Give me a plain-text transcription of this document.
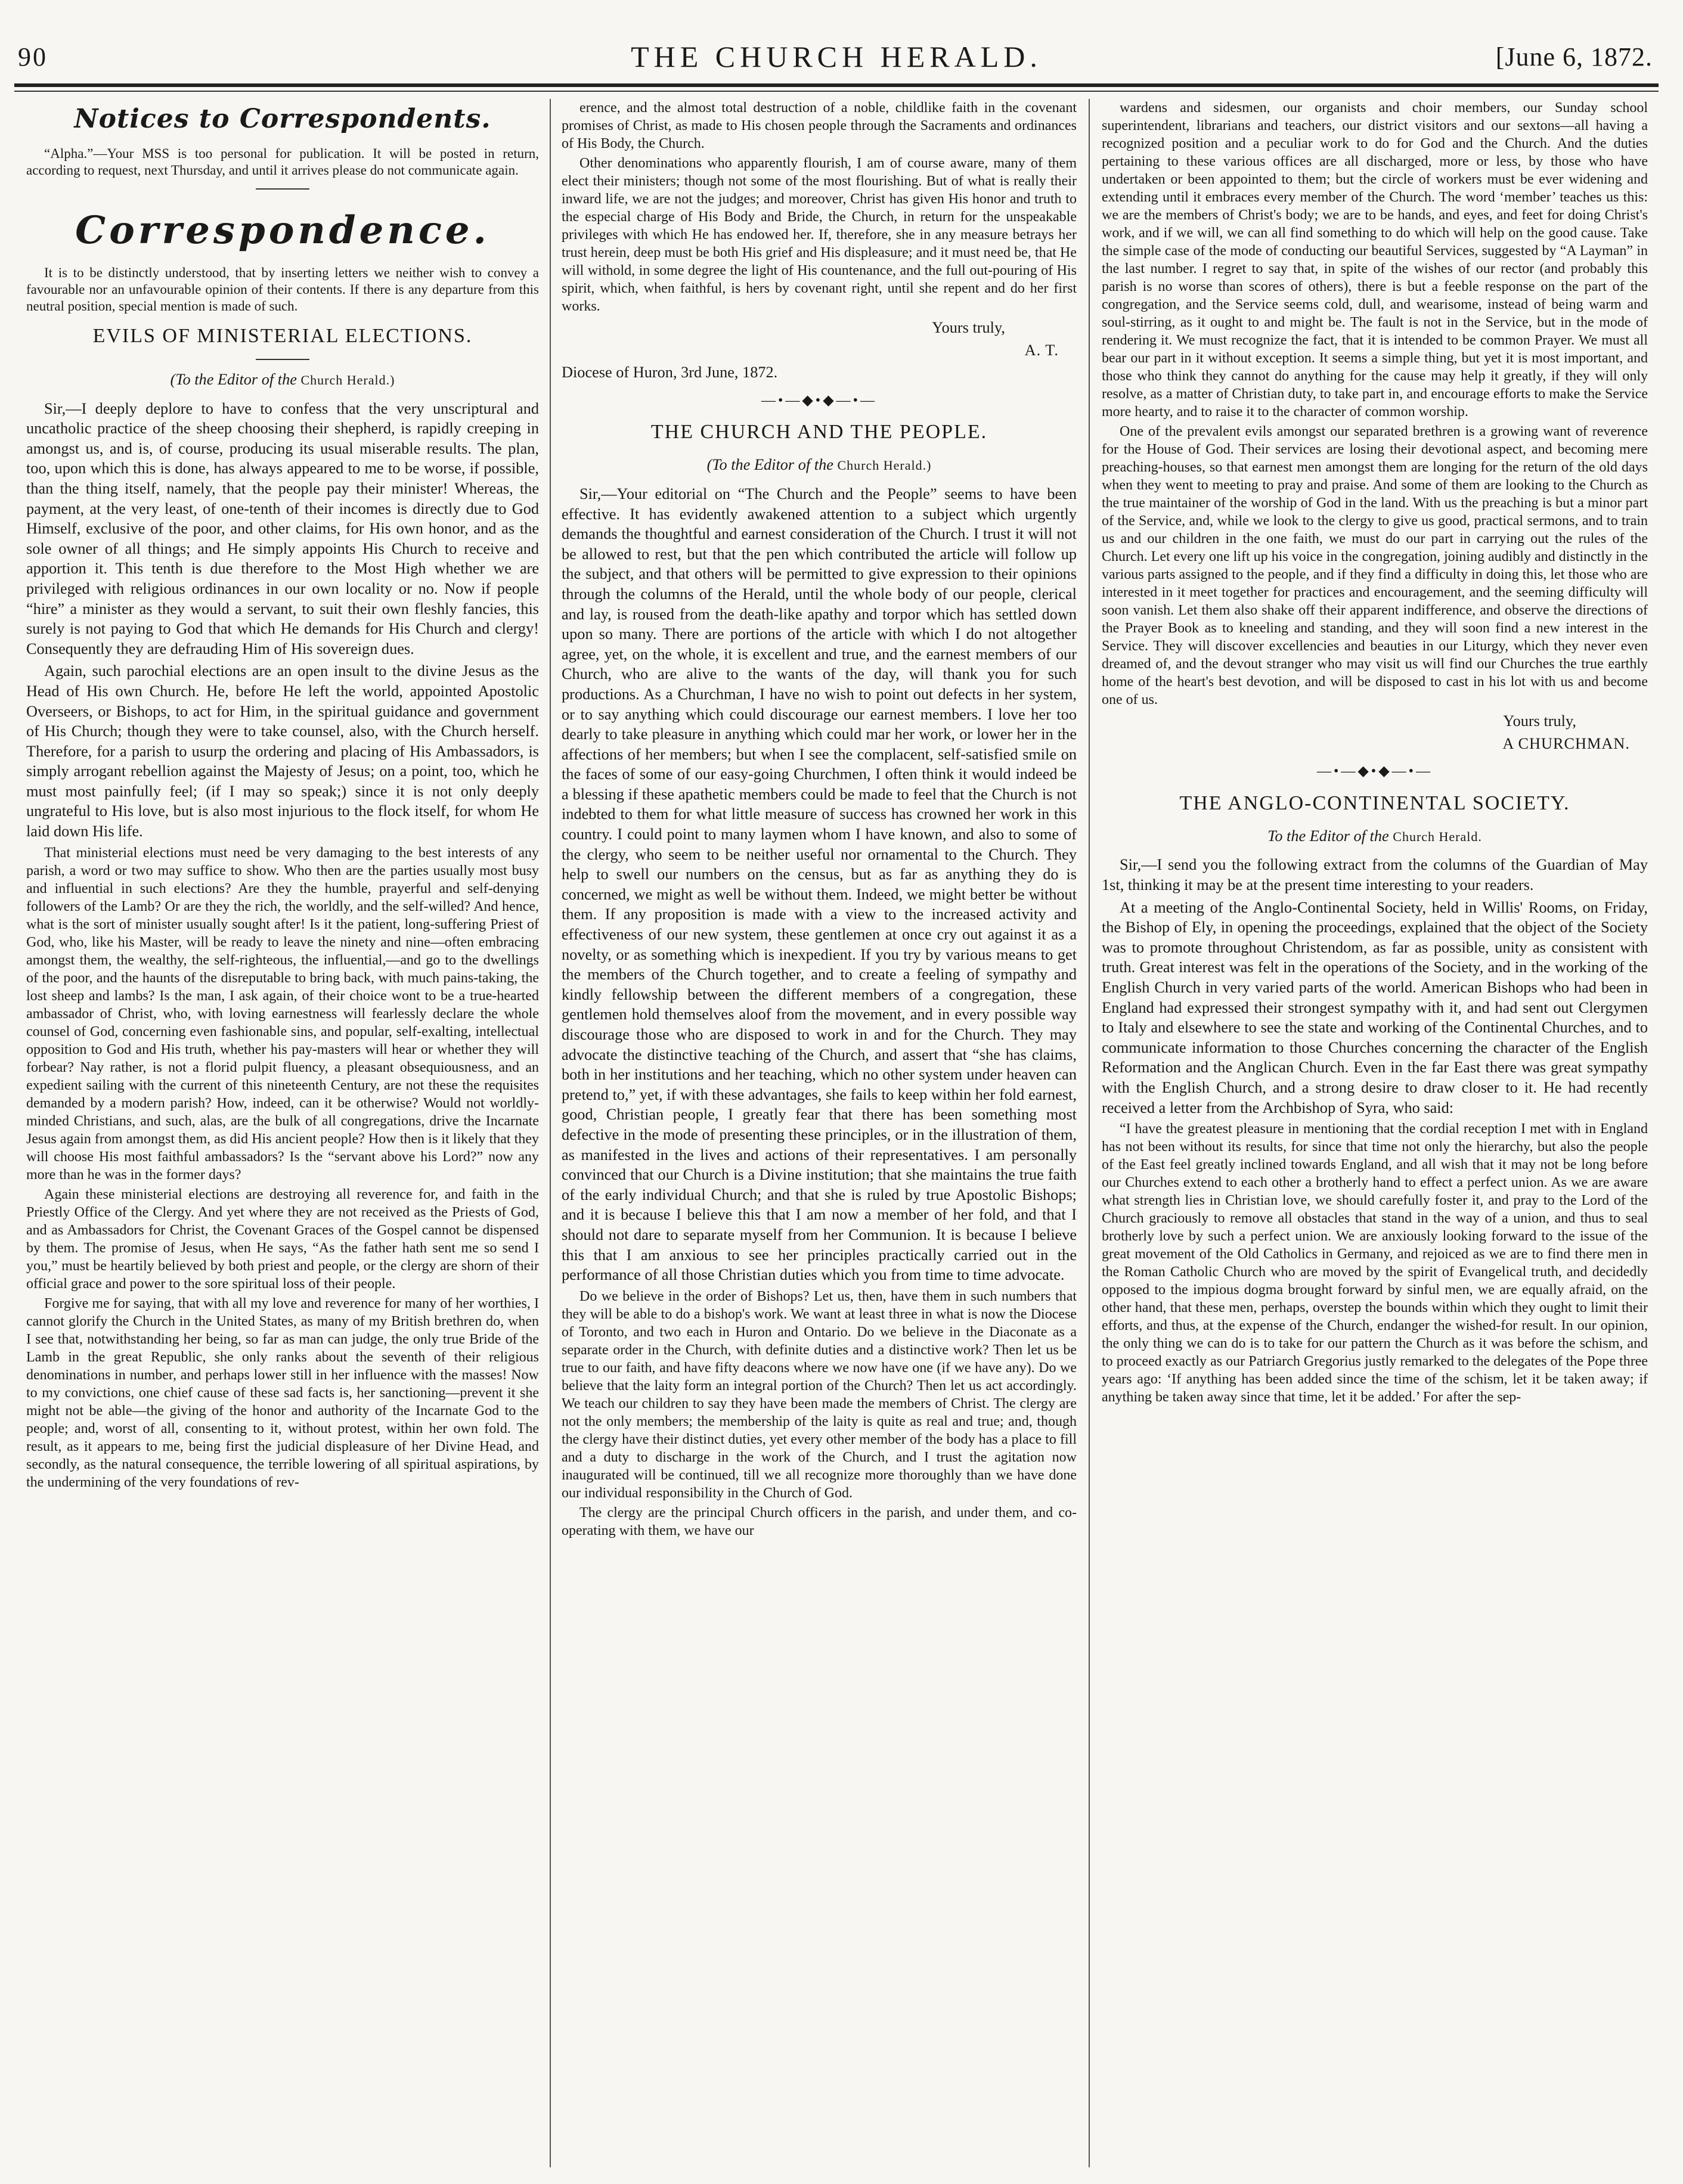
90	THE CHURCH HERALD.	[June 6, 1872.
Notices to Correspondents.

“Alpha.”—Your MSS is too personal for publication. It will be posted in return, according to request, next Thursday, and until it arrives please do not communicate again.

Correspondence.

It is to be distinctly understood, that by inserting letters we neither wish to convey a favourable nor an unfavourable opinion of their contents. If there is any departure from this neutral position, special mention is made of such.

EVILS OF MINISTERIAL ELECTIONS.
(To the Editor of the Church Herald.)

Sir,—I deeply deplore to have to confess that the very unscriptural and uncatholic practice of the sheep choosing their shepherd, is rapidly creeping in amongst us, and is, of course, producing its usual miserable results. The plan, too, upon which this is done, has always appeared to me to be worse, if possible, than the thing itself, namely, that the people pay their minister! Whereas, the payment, at the very least, of one-tenth of their incomes is directly due to God Himself, exclusive of the poor, and other claims, for His own honor, and as the sole owner of all things; and He simply appoints His Church to receive and apportion it. This tenth is due therefore to the Most High whether we are privileged with religious ordinances in our own locality or no. Now if people “hire” a minister as they would a servant, to suit their own fleshly fancies, this surely is not paying to God that which He demands for His Church and clergy! Consequently they are defrauding Him of His sovereign dues.

Again, such parochial elections are an open insult to the divine Jesus as the Head of His own Church. He, before He left the world, appointed Apostolic Overseers, or Bishops, to act for Him, in the spiritual guidance and government of His Church; though they were to take counsel, also, with the Church herself. Therefore, for a parish to usurp the ordering and placing of His Ambassadors, is simply arrogant rebellion against the Majesty of Jesus; on a point, too, which he must most painfully feel; (if I may so speak;) since it is not only deeply ungrateful to His love, but is also most injurious to the flock itself, for whom He laid down His life.

That ministerial elections must need be very damaging to the best interests of any parish, a word or two may suffice to show. Who then are the parties usually most busy and influential in such elections? Are they the humble, prayerful and self-denying followers of the Lamb? Or are they the rich, the worldly, and the self-willed? And hence, what is the sort of minister usually sought after! Is it the patient, long-suffering Priest of God, who, like his Master, will be ready to leave the ninety and nine—often embracing amongst them, the wealthy, the self-righteous, the influential,—and go to the dwellings of the poor, and the haunts of the disreputable to bring back, with much pains-taking, the lost sheep and lambs? Is the man, I ask again, of their choice wont to be a true-hearted ambassador of Christ, who, with loving earnestness will fearlessly declare the whole counsel of God, concerning even fashionable sins, and popular, self-exalting, intellectual opposition to God and His truth, whether his pay-masters will hear or whether they will forbear? Nay rather, is not a florid pulpit fluency, a pleasant obsequiousness, and an expedient sailing with the current of this nineteenth Century, are not these the requisites demanded by a modern parish? How, indeed, can it be otherwise? Would not worldly-minded Christians, and such, alas, are the bulk of all congregations, drive the Incarnate Jesus again from amongst them, as did His ancient people? How then is it likely that they will choose His most faithful ambassadors? Is the “servant above his Lord?” now any more than he was in the former days?

Again these ministerial elections are destroying all reverence for, and faith in the Priestly Office of the Clergy. And yet where they are not received as the Priests of God, and as Ambassadors for Christ, the Covenant Graces of the Gospel cannot be dispensed by them. The promise of Jesus, when He says, “As the father hath sent me so send I you,” must be heartily believed by both priest and people, or the clergy are shorn of their official grace and power to the sore spiritual loss of their people.

Forgive me for saying, that with all my love and reverence for many of her worthies, I cannot glorify the Church in the United States, as many of my British brethren do, when I see that, notwithstanding her being, so far as man can judge, the only true Bride of the Lamb in the great Republic, she only ranks about the seventh of their religious denominations in number, and perhaps lower still in her influence with the masses! Now to my convictions, one chief cause of these sad facts is, her sanctioning—prevent it she might not be able—the giving of the honor and authority of the Incarnate God to the people; and, worst of all, consenting to it, without protest, within her own fold. The result, as it appears to me, being first the judicial displeasure of her Divine Head, and secondly, as the natural consequence, the terrible lowering of all spiritual aspirations, by the undermining of the very foundations of rev-

erence, and the almost total destruction of a noble, childlike faith in the covenant promises of Christ, as made to His chosen people through the Sacraments and ordinances of His Body, the Church.

Other denominations who apparently flourish, I am of course aware, many of them elect their ministers; though not some of the most flourishing. But of what is really their inward life, we are not the judges; and moreover, Christ has given His honor and truth to the especial charge of His Body and Bride, the Church, in return for the unspeakable privileges with which He has endowed her. If, therefore, she in any measure betrays her trust herein, deep must be both His grief and His displeasure; and it must need be, that He will withold, in some degree the light of His countenance, and the full out-pouring of His spirit, which, when faithful, is hers by covenant right, until she repent and do her first works.

Yours truly,
A. T.

Diocese of Huron, 3rd June, 1872.

—•—◆•◆—•—
THE CHURCH AND THE PEOPLE.
(To the Editor of the Church Herald.)

Sir,—Your editorial on “The Church and the People” seems to have been effective. It has evidently awakened attention to a subject which urgently demands the thoughtful and earnest consideration of the Church. I trust it will not be allowed to rest, but that the pen which contributed the article will follow up the subject, and that others will be permitted to give expression to their opinions through the columns of the Herald, until the whole body of our people, clerical and lay, is roused from the death-like apathy and torpor which has settled down upon so many. There are portions of the article with which I do not altogether agree, yet, on the whole, it is excellent and true, and the earnest members of our Church, who are alive to the wants of the day, will thank you for such productions. As a Churchman, I have no wish to point out defects in her system, or to say anything which could discourage our earnest members. I love her too dearly to take pleasure in anything which could mar her work, or lower her in the affections of her members; but when I see the complacent, self-satisfied smile on the faces of some of our easy-going Churchmen, I often think it would indeed be a blessing if these apathetic members could be made to feel that the Church is not indebted to them for what little measure of success has crowned her work in this country. I could point to many laymen whom I have known, and also to some of the clergy, who seem to be neither useful nor ornamental to the Church. They help to swell our numbers on the census, but as far as anything they do is concerned, we might as well be without them. Indeed, we might better be without them. If any proposition is made with a view to the increased activity and effectiveness of our new system, these gentlemen at once cry out against it as a novelty, or as something which is inexpedient. If you try by various means to get the members of the Church together, and to create a feeling of sympathy and kindly fellowship between the different members of a congregation, these gentlemen hold themselves aloof from the movement, and in every possible way discourage those who are disposed to work in and for the Church. They may advocate the distinctive teaching of the Church, and assert that “she has claims, both in her institutions and her teaching, which no other system under heaven can pretend to,” yet, if with these advantages, she fails to keep within her fold earnest, good, Christian people, I greatly fear that there has been something most defective in the mode of presenting these principles, or in the illustration of them, as manifested in the lives and actions of their representatives. I am personally convinced that our Church is a Divine institution; that she maintains the true faith of the early individual Church; and that she is ruled by true Apostolic Bishops; and it is because I believe this that I am now a member of her fold, and that I should not dare to separate myself from her Communion. It is because I believe this that I am anxious to see her principles practically carried out in the performance of all those Christian duties which you from time to time advocate.

Do we believe in the order of Bishops? Let us, then, have them in such numbers that they will be able to do a bishop's work. We want at least three in what is now the Diocese of Toronto, and two each in Huron and Ontario. Do we believe in the Diaconate as a separate order in the Church, with definite duties and a distinctive work? Then let us be true to our faith, and have fifty deacons where we now have one (if we have any). Do we believe that the laity form an integral portion of the Church? Then let us act accordingly. We teach our children to say they have been made the members of Christ. The clergy are not the only members; the membership of the laity is quite as real and true; and, though the clergy have their distinct duties, yet every other member of the body has a place to fill and a duty to discharge in the work of the Church, and I trust the agitation now inaugurated will be continued, till we all recognize more thoroughly than we have done our individual responsibility in the Church of God.

The clergy are the principal Church officers in the parish, and under them, and co-operating with them, we have our

wardens and sidesmen, our organists and choir members, our Sunday school superintendent, librarians and teachers, our district visitors and our sextons—all having a recognized position and a peculiar work to do for God and the Church. And the duties pertaining to these various offices are all discharged, more or less, by those who have undertaken or been appointed to them; but the circle of workers must be ever widening and extending until it embraces every member of the Church. The word ‘member’ teaches us this: we are the members of Christ's body; we are to be hands, and eyes, and feet for doing Christ's work, and if we will, we can all find something to do which will help on the good cause. Take the simple case of the mode of conducting our beautiful Services, suggested by “A Layman” in the last number. I regret to say that, in spite of the wishes of our rector (and probably this parish is no worse than scores of others), there is but a feeble response on the part of the congregation, and the Service seems cold, dull, and wearisome, instead of being warm and soul-stirring, as it ought to and might be. The fault is not in the Service, but in the mode of rendering it. We must recognize the fact, that it is intended to be common Prayer. We must all bear our part in it without exception. It seems a simple thing, but yet it is most important, and those who think they cannot do anything for the cause may help it greatly, if they will only resolve, as a matter of Christian duty, to take part in, and encourage efforts to make the Service more hearty, and to raise it to the character of common worship.

One of the prevalent evils amongst our separated brethren is a growing want of reverence for the House of God. Their services are losing their devotional aspect, and becoming mere preaching-houses, so that earnest men amongst them are longing for the return of the old days when they went to meeting to pray and praise. And some of them are looking to the Church as the true maintainer of the worship of God in the land. With us the preaching is but a minor part of the Service, and, while we look to the clergy to give us good, practical sermons, and to train us and our children in the one faith, we must do our part in carrying out the rules of the Church. Let every one lift up his voice in the congregation, joining audibly and distinctly in the various parts assigned to the people, and if they find a difficulty in doing this, let those who are interested in it meet together for practices and encouragement, and the seeming difficulty will soon vanish. Let them also shake off their apparent indifference, and observe the directions of the Prayer Book as to kneeling and standing, and they will soon find a new interest in the Service. They will discover excellencies and beauties in our Liturgy, which they never even dreamed of, and the devout stranger who may visit us will find our Churches the true earthly home of the heart's best devotion, and will be disposed to cast in his lot with us and become one of us.

Yours truly,
A CHURCHMAN.
—•—◆•◆—•—
THE ANGLO-CONTINENTAL SOCIETY.
To the Editor of the Church Herald.

Sir,—I send you the following extract from the columns of the Guardian of May 1st, thinking it may be at the present time interesting to your readers.

At a meeting of the Anglo-Continental Society, held in Willis' Rooms, on Friday, the Bishop of Ely, in opening the proceedings, explained that the object of the Society was to promote throughout Christendom, as far as possible, unity as consistent with truth. Great interest was felt in the operations of the Society, and in the working of the English Church in very varied parts of the world. American Bishops who had been in England had expressed their strongest sympathy with it, and had sent out Clergymen to Italy and elsewhere to see the state and working of the Continental Churches, and to communicate information to those Churches concerning the character of the English Reformation and the Anglican Church. Even in the far East there was great sympathy with the English Church, and a strong desire to draw closer to it. He had recently received a letter from the Archbishop of Syra, who said:

“I have the greatest pleasure in mentioning that the cordial reception I met with in England has not been without its results, for since that time not only the hierarchy, but also the people of the East feel greatly inclined towards England, and all wish that it may not be long before our Churches extend to each other a brotherly hand to effect a perfect union. As we are aware what strength lies in Christian love, we should carefully foster it, and pray to the Lord of the Church graciously to remove all obstacles that stand in the way of a union, and thus to seal brotherly love by such a perfect union. We are anxiously looking forward to the issue of the great movement of the Old Catholics in Germany, and rejoiced as we are to find there men in the Roman Catholic Church who are moved by the spirit of Evangelical truth, and decidedly opposed to the impious dogma brought forward by sinful men, we are equally afraid, on the other hand, that these men, perhaps, overstep the bounds within which they ought to limit their efforts, and thus, at the expense of the Church, endanger the wished-for result. In our opinion, the only thing we can do is to take for our pattern the Church as it was before the schism, and to proceed exactly as our Patriarch Gregorius justly remarked to the delegates of the Pope three years ago: ‘If anything has been added since the time of the schism, let it be taken away; if anything be taken away since that time, let it be added.’ For after the sep-
